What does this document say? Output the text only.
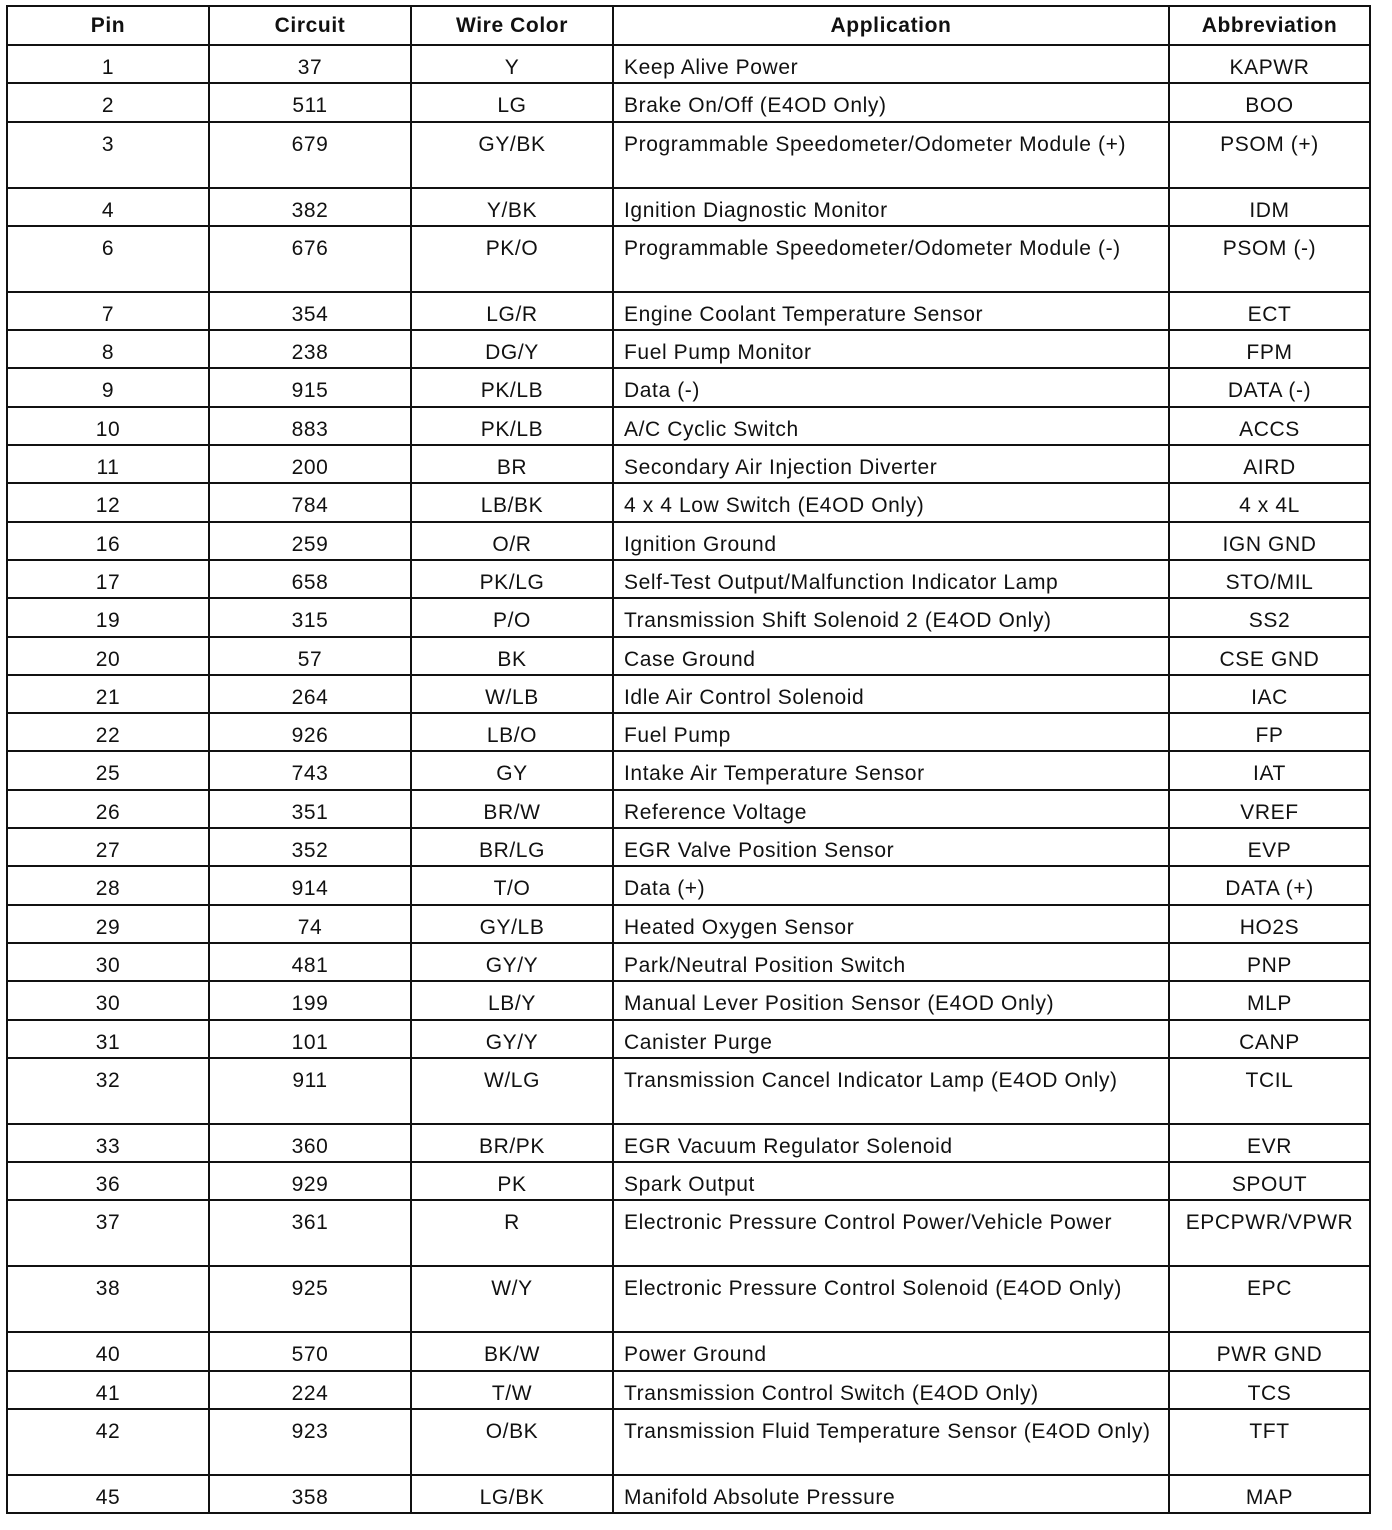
Pin	Circuit	Wire Color	Application	Abbreviation
1	37	Y	Keep Alive Power	KAPWR
2	511	LG	Brake On/Off (E4OD Only)	BOO
3	679	GY/BK	Programmable Speedometer/Odometer Module (+)	PSOM (+)
4	382	Y/BK	Ignition Diagnostic Monitor	IDM
6	676	PK/O	Programmable Speedometer/Odometer Module (-)	PSOM (-)
7	354	LG/R	Engine Coolant Temperature Sensor	ECT
8	238	DG/Y	Fuel Pump Monitor	FPM
9	915	PK/LB	Data (-)	DATA (-)
10	883	PK/LB	A/C Cyclic Switch	ACCS
11	200	BR	Secondary Air Injection Diverter	AIRD
12	784	LB/BK	4 x 4 Low Switch (E4OD Only)	4 x 4L
16	259	O/R	Ignition Ground	IGN GND
17	658	PK/LG	Self-Test Output/Malfunction Indicator Lamp	STO/MIL
19	315	P/O	Transmission Shift Solenoid 2 (E4OD Only)	SS2
20	57	BK	Case Ground	CSE GND
21	264	W/LB	Idle Air Control Solenoid	IAC
22	926	LB/O	Fuel Pump	FP
25	743	GY	Intake Air Temperature Sensor	IAT
26	351	BR/W	Reference Voltage	VREF
27	352	BR/LG	EGR Valve Position Sensor	EVP
28	914	T/O	Data (+)	DATA (+)
29	74	GY/LB	Heated Oxygen Sensor	HO2S
30	481	GY/Y	Park/Neutral Position Switch	PNP
30	199	LB/Y	Manual Lever Position Sensor (E4OD Only)	MLP
31	101	GY/Y	Canister Purge	CANP
32	911	W/LG	Transmission Cancel Indicator Lamp (E4OD Only)	TCIL
33	360	BR/PK	EGR Vacuum Regulator Solenoid	EVR
36	929	PK	Spark Output	SPOUT
37	361	R	Electronic Pressure Control Power/Vehicle Power	EPCPWR/VPWR
38	925	W/Y	Electronic Pressure Control Solenoid (E4OD Only)	EPC
40	570	BK/W	Power Ground	PWR GND
41	224	T/W	Transmission Control Switch (E4OD Only)	TCS
42	923	O/BK	Transmission Fluid Temperature Sensor (E4OD Only)	TFT
45	358	LG/BK	Manifold Absolute Pressure	MAP
